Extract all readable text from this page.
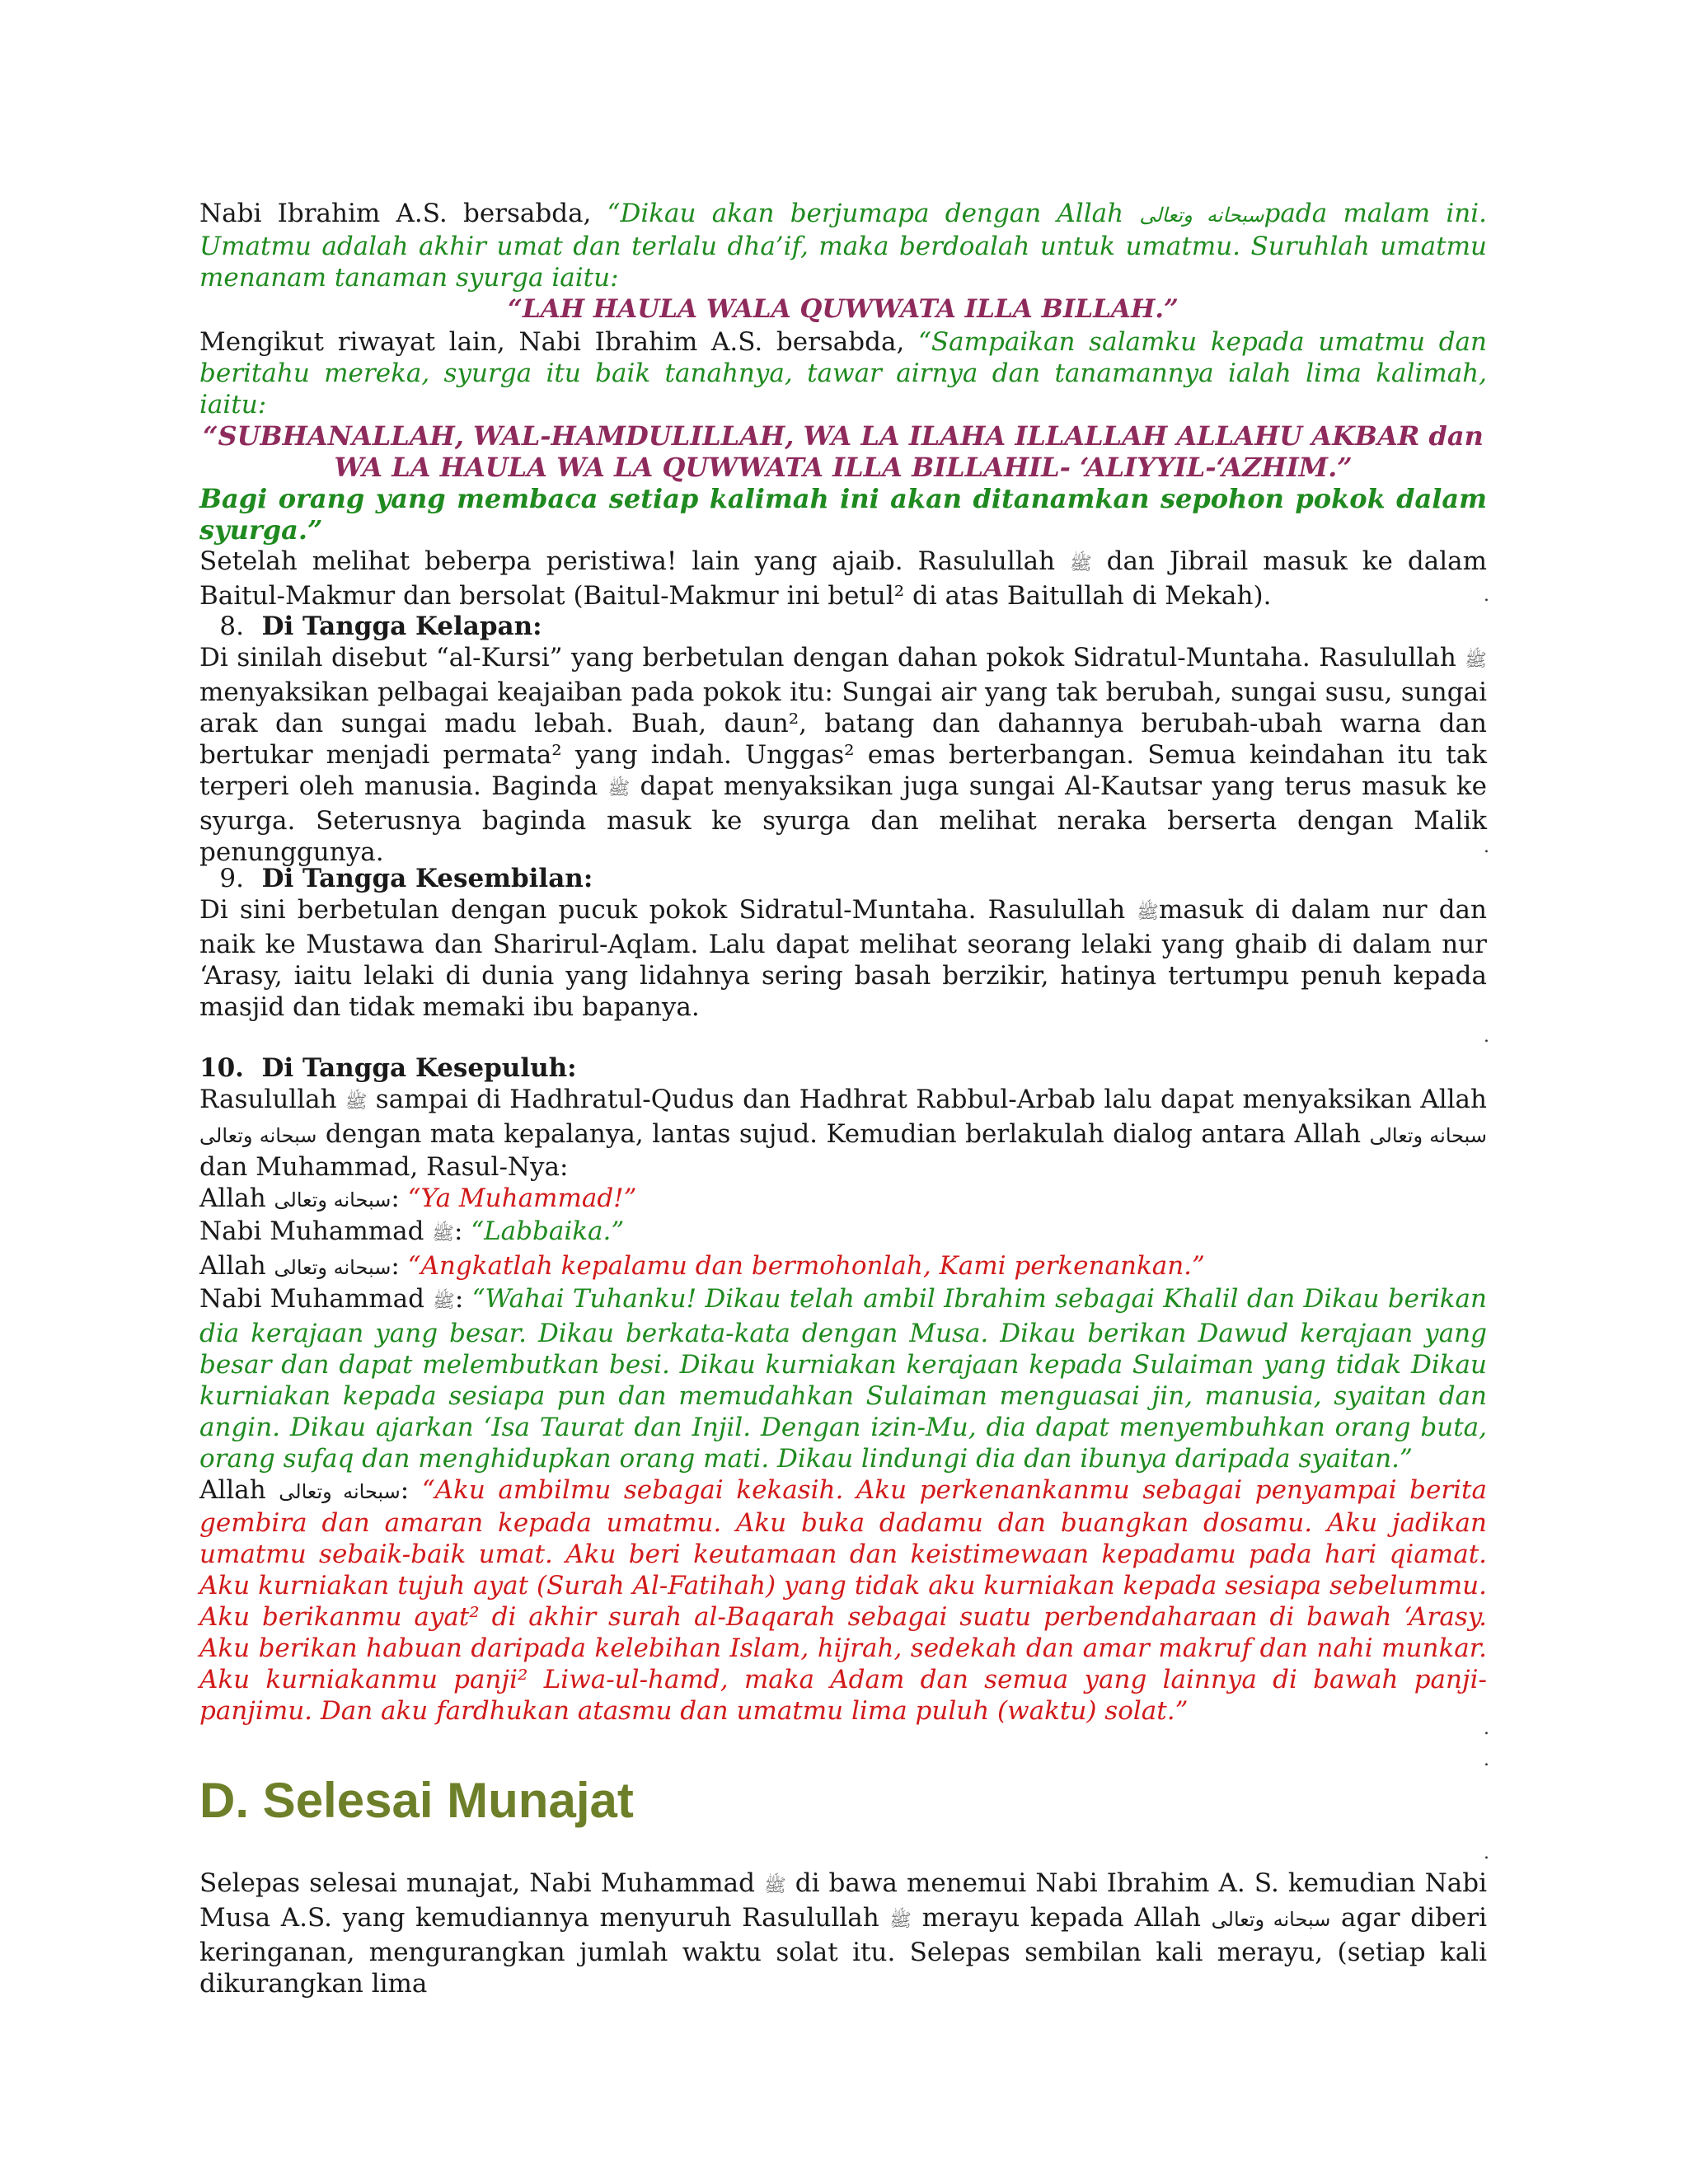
Nabi Ibrahim A.S. bersabda, “Dikau akan berjumapa dengan Allah سبحانه وتعالىpada malam ini. Umatmu adalah akhir umat dan terlalu dha’if, maka berdoalah untuk umatmu. Suruhlah umatmu menanam tanaman syurga iaitu:

“LAH HAULA WALA QUWWATA ILLA BILLAH.”

Mengikut riwayat lain, Nabi Ibrahim A.S. bersabda, “Sampaikan salamku kepada umatmu dan beritahu mereka, syurga itu baik tanahnya, tawar airnya dan tanamannya ialah lima kalimah, iaitu:

“SUBHANALLAH, WAL-HAMDULILLAH, WA LA ILAHA ILLALLAH ALLAHU AKBAR dan WA LA HAULA WA LA QUWWATA ILLA BILLAHIL- ‘ALIYYIL-‘AZHIM.”

Bagi orang yang membaca setiap kalimah ini akan ditanamkan sepohon pokok dalam syurga.”

Setelah melihat beberpa peristiwa! lain yang ajaib. Rasulullah ﷺ dan Jibrail masuk ke dalam Baitul-Makmur dan bersolat (Baitul-Makmur ini betul² di atas Baitullah di Mekah).	.

8. Di Tangga Kelapan:

Di sinilah disebut “al-Kursi” yang berbetulan dengan dahan pokok Sidratul-Muntaha. Rasulullah ﷺ menyaksikan pelbagai keajaiban pada pokok itu: Sungai air yang tak berubah, sungai susu, sungai arak dan sungai madu lebah. Buah, daun², batang dan dahannya berubah-ubah warna dan bertukar menjadi permata² yang indah. Unggas² emas berterbangan. Semua keindahan itu tak terperi oleh manusia. Baginda ﷺ dapat menyaksikan juga sungai Al-Kautsar yang terus masuk ke syurga. Seterusnya baginda masuk ke syurga dan melihat neraka berserta dengan Malik penunggunya.	.

9. Di Tangga Kesembilan:

Di sini berbetulan dengan pucuk pokok Sidratul-Muntaha. Rasulullah ﷺmasuk di dalam nur dan naik ke Mustawa dan Sharirul-Aqlam. Lalu dapat melihat seorang lelaki yang ghaib di dalam nur ‘Arasy, iaitu lelaki di dunia yang lidahnya sering basah berzikir, hatinya tertumpu penuh kepada masjid dan tidak memaki ibu bapanya.

.

10. Di Tangga Kesepuluh:

Rasulullah ﷺ sampai di Hadhratul-Qudus dan Hadhrat Rabbul-Arbab lalu dapat menyaksikan Allah سبحانه وتعالى dengan mata kepalanya, lantas sujud. Kemudian berlakulah dialog antara Allah سبحانه وتعالى dan Muhammad, Rasul-Nya:

Allah سبحانه وتعالى: “Ya Muhammad!”

Nabi Muhammad ﷺ: “Labbaika.”

Allah سبحانه وتعالى: “Angkatlah kepalamu dan bermohonlah, Kami perkenankan.”

Nabi Muhammad ﷺ: “Wahai Tuhanku! Dikau telah ambil Ibrahim sebagai Khalil dan Dikau berikan dia kerajaan yang besar. Dikau berkata-kata dengan Musa. Dikau berikan Dawud kerajaan yang besar dan dapat melembutkan besi. Dikau kurniakan kerajaan kepada Sulaiman yang tidak Dikau kurniakan kepada sesiapa pun dan memudahkan Sulaiman menguasai jin, manusia, syaitan dan angin. Dikau ajarkan ‘Isa Taurat dan Injil. Dengan izin-Mu, dia dapat menyembuhkan orang buta, orang sufaq dan menghidupkan orang mati. Dikau lindungi dia dan ibunya daripada syaitan.”

Allah سبحانه وتعالى: “Aku ambilmu sebagai kekasih. Aku perkenankanmu sebagai penyampai berita gembira dan amaran kepada umatmu. Aku buka dadamu dan buangkan dosamu. Aku jadikan umatmu sebaik-baik umat. Aku beri keutamaan dan keistimewaan kepadamu pada hari qiamat. Aku kurniakan tujuh ayat (Surah Al-Fatihah) yang tidak aku kurniakan kepada sesiapa sebelummu. Aku berikanmu ayat² di akhir surah al-Baqarah sebagai suatu perbendaharaan di bawah ‘Arasy. Aku berikan habuan daripada kelebihan Islam, hijrah, sedekah dan amar makruf dan nahi munkar. Aku kurniakanmu panji² Liwa-ul-hamd, maka Adam dan semua yang lainnya di bawah panji-panjimu. Dan aku fardhukan atasmu dan umatmu lima puluh (waktu) solat.”

.
.
D. Selesai Munajat
.

Selepas selesai munajat, Nabi Muhammad ﷺ di bawa menemui Nabi Ibrahim A. S. kemudian Nabi Musa A.S. yang kemudiannya menyuruh Rasulullah ﷺ merayu kepada Allah سبحانه وتعالى agar diberi keringanan, mengurangkan jumlah waktu solat itu. Selepas sembilan kali merayu, (setiap kali dikurangkan lima
